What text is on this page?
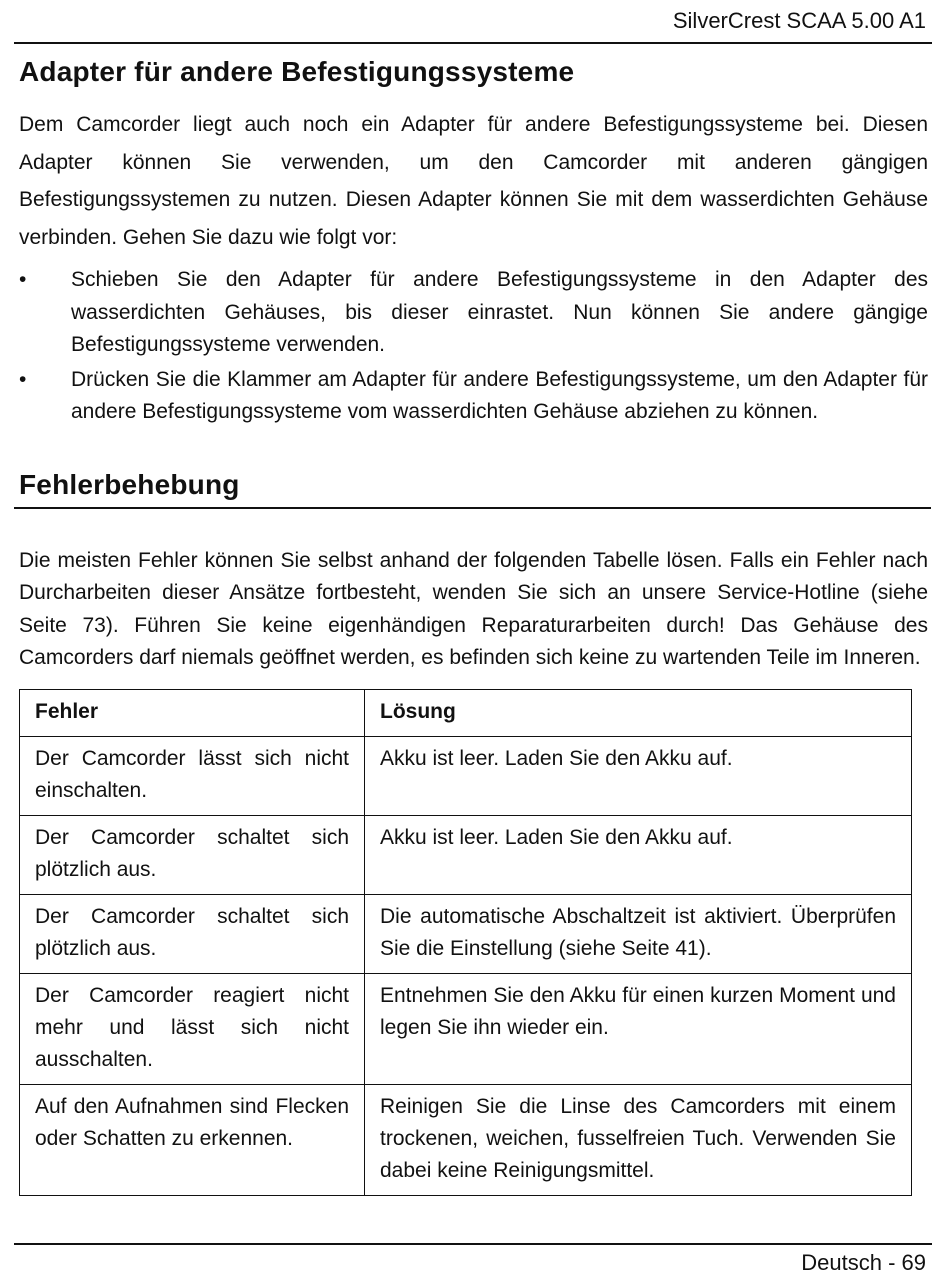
SilverCrest SCAA 5.00 A1
Adapter für andere Befestigungssysteme

Dem Camcorder liegt auch noch ein Adapter für andere Befestigungssysteme bei. Diesen Adapter können Sie verwenden, um den Camcorder mit anderen gängigen Befestigungssystemen zu nutzen. Diesen Adapter können Sie mit dem wasserdichten Gehäuse verbinden. Gehen Sie dazu wie folgt vor:

• Schieben Sie den Adapter für andere Befestigungssysteme in den Adapter des wasserdichten Gehäuses, bis dieser einrastet. Nun können Sie andere gängige Befestigungssysteme verwenden.
• Drücken Sie die Klammer am Adapter für andere Befestigungssysteme, um den Adapter für andere Befestigungssysteme vom wasserdichten Gehäuse abziehen zu können.
Fehlerbehebung

Die meisten Fehler können Sie selbst anhand der folgenden Tabelle lösen. Falls ein Fehler nach Durcharbeiten dieser Ansätze fortbesteht, wenden Sie sich an unsere Service-Hotline (siehe Seite 73). Führen Sie keine eigenhändigen Reparaturarbeiten durch! Das Gehäuse des Camcorders darf niemals geöffnet werden, es befinden sich keine zu wartenden Teile im Inneren.

Fehler	Lösung
Der Camcorder lässt sich nicht einschalten.	Akku ist leer. Laden Sie den Akku auf.
Der Camcorder schaltet sich plötzlich aus.	Akku ist leer. Laden Sie den Akku auf.
Der Camcorder schaltet sich plötzlich aus.	Die automatische Abschaltzeit ist aktiviert. Überprüfen Sie die Einstellung (siehe Seite 41).
Der Camcorder reagiert nicht mehr und lässt sich nicht ausschalten.	Entnehmen Sie den Akku für einen kurzen Moment und legen Sie ihn wieder ein.
Auf den Aufnahmen sind Flecken oder Schatten zu erkennen.	Reinigen Sie die Linse des Camcorders mit einem trockenen, weichen, fusselfreien Tuch. Verwenden Sie dabei keine Reinigungsmittel.
Deutsch - 69
